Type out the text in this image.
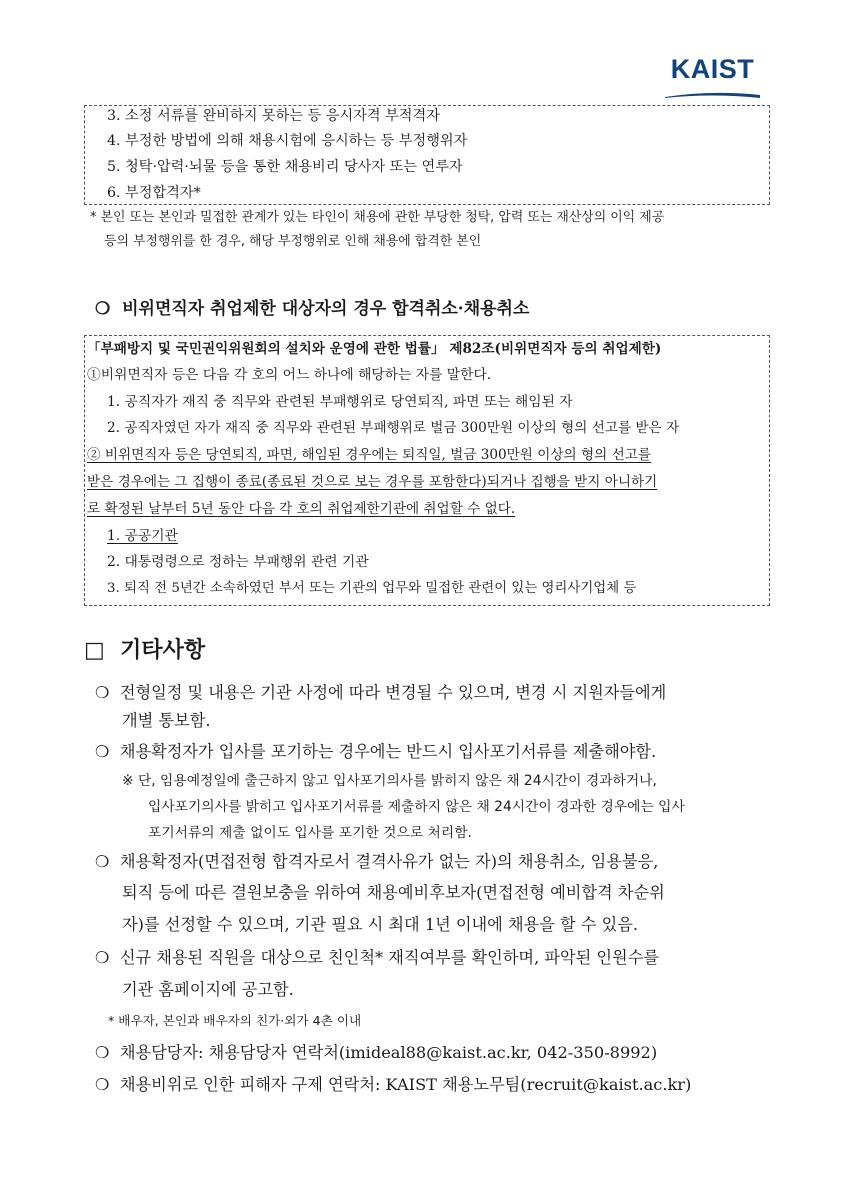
KAIST
3. 소정 서류를 완비하지 못하는 등 응시자격 부적격자
4. 부정한 방법에 의해 채용시험에 응시하는 등 부정행위자
5. 청탁·압력·뇌물 등을 통한 채용비리 당사자 또는 연루자
6. 부정합격자*
* 본인 또는 본인과 밀접한 관계가 있는 타인이 채용에 관한 부당한 청탁, 압력 또는 재산상의 이익 제공
등의 부정행위를 한 경우, 해당 부정행위로 인해 채용에 합격한 본인
❍ 비위면직자 취업제한 대상자의 경우 합격취소·채용취소
「부패방지 및 국민권익위원회의 설치와 운영에 관한 법률」 제82조(비위면직자 등의 취업제한)
①비위면직자 등은 다음 각 호의 어느 하나에 해당하는 자를 말한다.
1. 공직자가 재직 중 직무와 관련된 부패행위로 당연퇴직, 파면 또는 해임된 자
2. 공직자였던 자가 재직 중 직무와 관련된 부패행위로 벌금 300만원 이상의 형의 선고를 받은 자
② 비위면직자 등은 당연퇴직, 파면, 해임된 경우에는 퇴직일, 벌금 300만원 이상의 형의 선고를
받은 경우에는 그 집행이 종료(종료된 것으로 보는 경우를 포함한다)되거나 집행을 받지 아니하기
로 확정된 날부터 5년 동안 다음 각 호의 취업제한기관에 취업할 수 없다.
1. 공공기관
2. 대통령령으로 정하는 부패행위 관련 기관
3. 퇴직 전 5년간 소속하였던 부서 또는 기관의 업무와 밀접한 관련이 있는 영리사기업체 등
□ 기타사항
❍ 전형일정 및 내용은 기관 사정에 따라 변경될 수 있으며, 변경 시 지원자들에게
개별 통보함.
❍ 채용확정자가 입사를 포기하는 경우에는 반드시 입사포기서류를 제출해야함.
※ 단, 임용예정일에 출근하지 않고 입사포기의사를 밝히지 않은 채 24시간이 경과하거나,
입사포기의사를 밝히고 입사포기서류를 제출하지 않은 채 24시간이 경과한 경우에는 입사
포기서류의 제출 없이도 입사를 포기한 것으로 처리함.
❍ 채용확정자(면접전형 합격자로서 결격사유가 없는 자)의 채용취소, 임용불응,
퇴직 등에 따른 결원보충을 위하여 채용예비후보자(면접전형 예비합격 차순위
자)를 선정할 수 있으며, 기관 필요 시 최대 1년 이내에 채용을 할 수 있음.
❍ 신규 채용된 직원을 대상으로 친인척* 재직여부를 확인하며, 파악된 인원수를
기관 홈페이지에 공고함.
* 배우자, 본인과 배우자의 친가·외가 4촌 이내
❍ 채용담당자: 채용담당자 연락처(imideal88@kaist.ac.kr, 042-350-8992)
❍ 채용비위로 인한 피해자 구제 연락처: KAIST 채용노무팀(recruit@kaist.ac.kr)
